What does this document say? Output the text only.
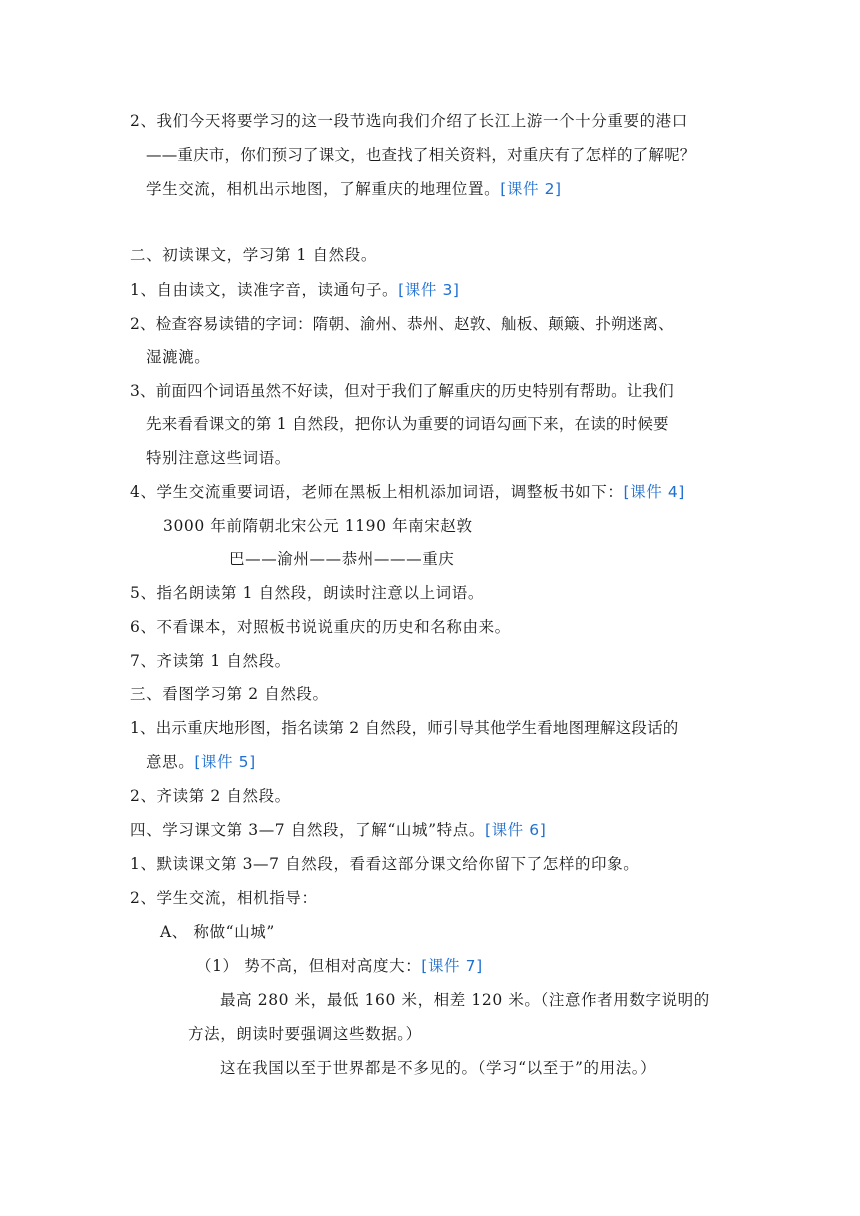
2、我们今天将要学习的这一段节选向我们介绍了长江上游一个十分重要的港口
——重庆市，你们预习了课文，也查找了相关资料，对重庆有了怎样的了解呢？
学生交流，相机出示地图，了解重庆的地理位置。[课件 2]
二、初读课文，学习第 1 自然段。
1、自由读文，读准字音，读通句子。[课件 3]
2、检查容易读错的字词：隋朝、渝州、恭州、赵敦、舢板、颠簸、扑朔迷离、
湿漉漉。
3、前面四个词语虽然不好读，但对于我们了解重庆的历史特别有帮助。让我们
先来看看课文的第 1 自然段，把你认为重要的词语勾画下来，在读的时候要
特别注意这些词语。
4、学生交流重要词语，老师在黑板上相机添加词语，调整板书如下：[课件 4]
3000 年前隋朝北宋公元 1190 年南宋赵敦
巴——渝州——恭州———重庆
5、指名朗读第 1 自然段，朗读时注意以上词语。
6、不看课本，对照板书说说重庆的历史和名称由来。
7、齐读第 1 自然段。
三、看图学习第 2 自然段。
1、出示重庆地形图，指名读第 2 自然段，师引导其他学生看地图理解这段话的
意思。[课件 5]
2、齐读第 2 自然段。
四、学习课文第 3—7 自然段，了解“山城”特点。[课件 6]
1、默读课文第 3—7 自然段，看看这部分课文给你留下了怎样的印象。
2、学生交流，相机指导：
A、 称做“山城”
（1） 势不高，但相对高度大：[课件 7]
最高 280 米，最低 160 米，相差 120 米。（注意作者用数字说明的
方法，朗读时要强调这些数据。）
这在我国以至于世界都是不多见的。（学习“以至于”的用法。）
